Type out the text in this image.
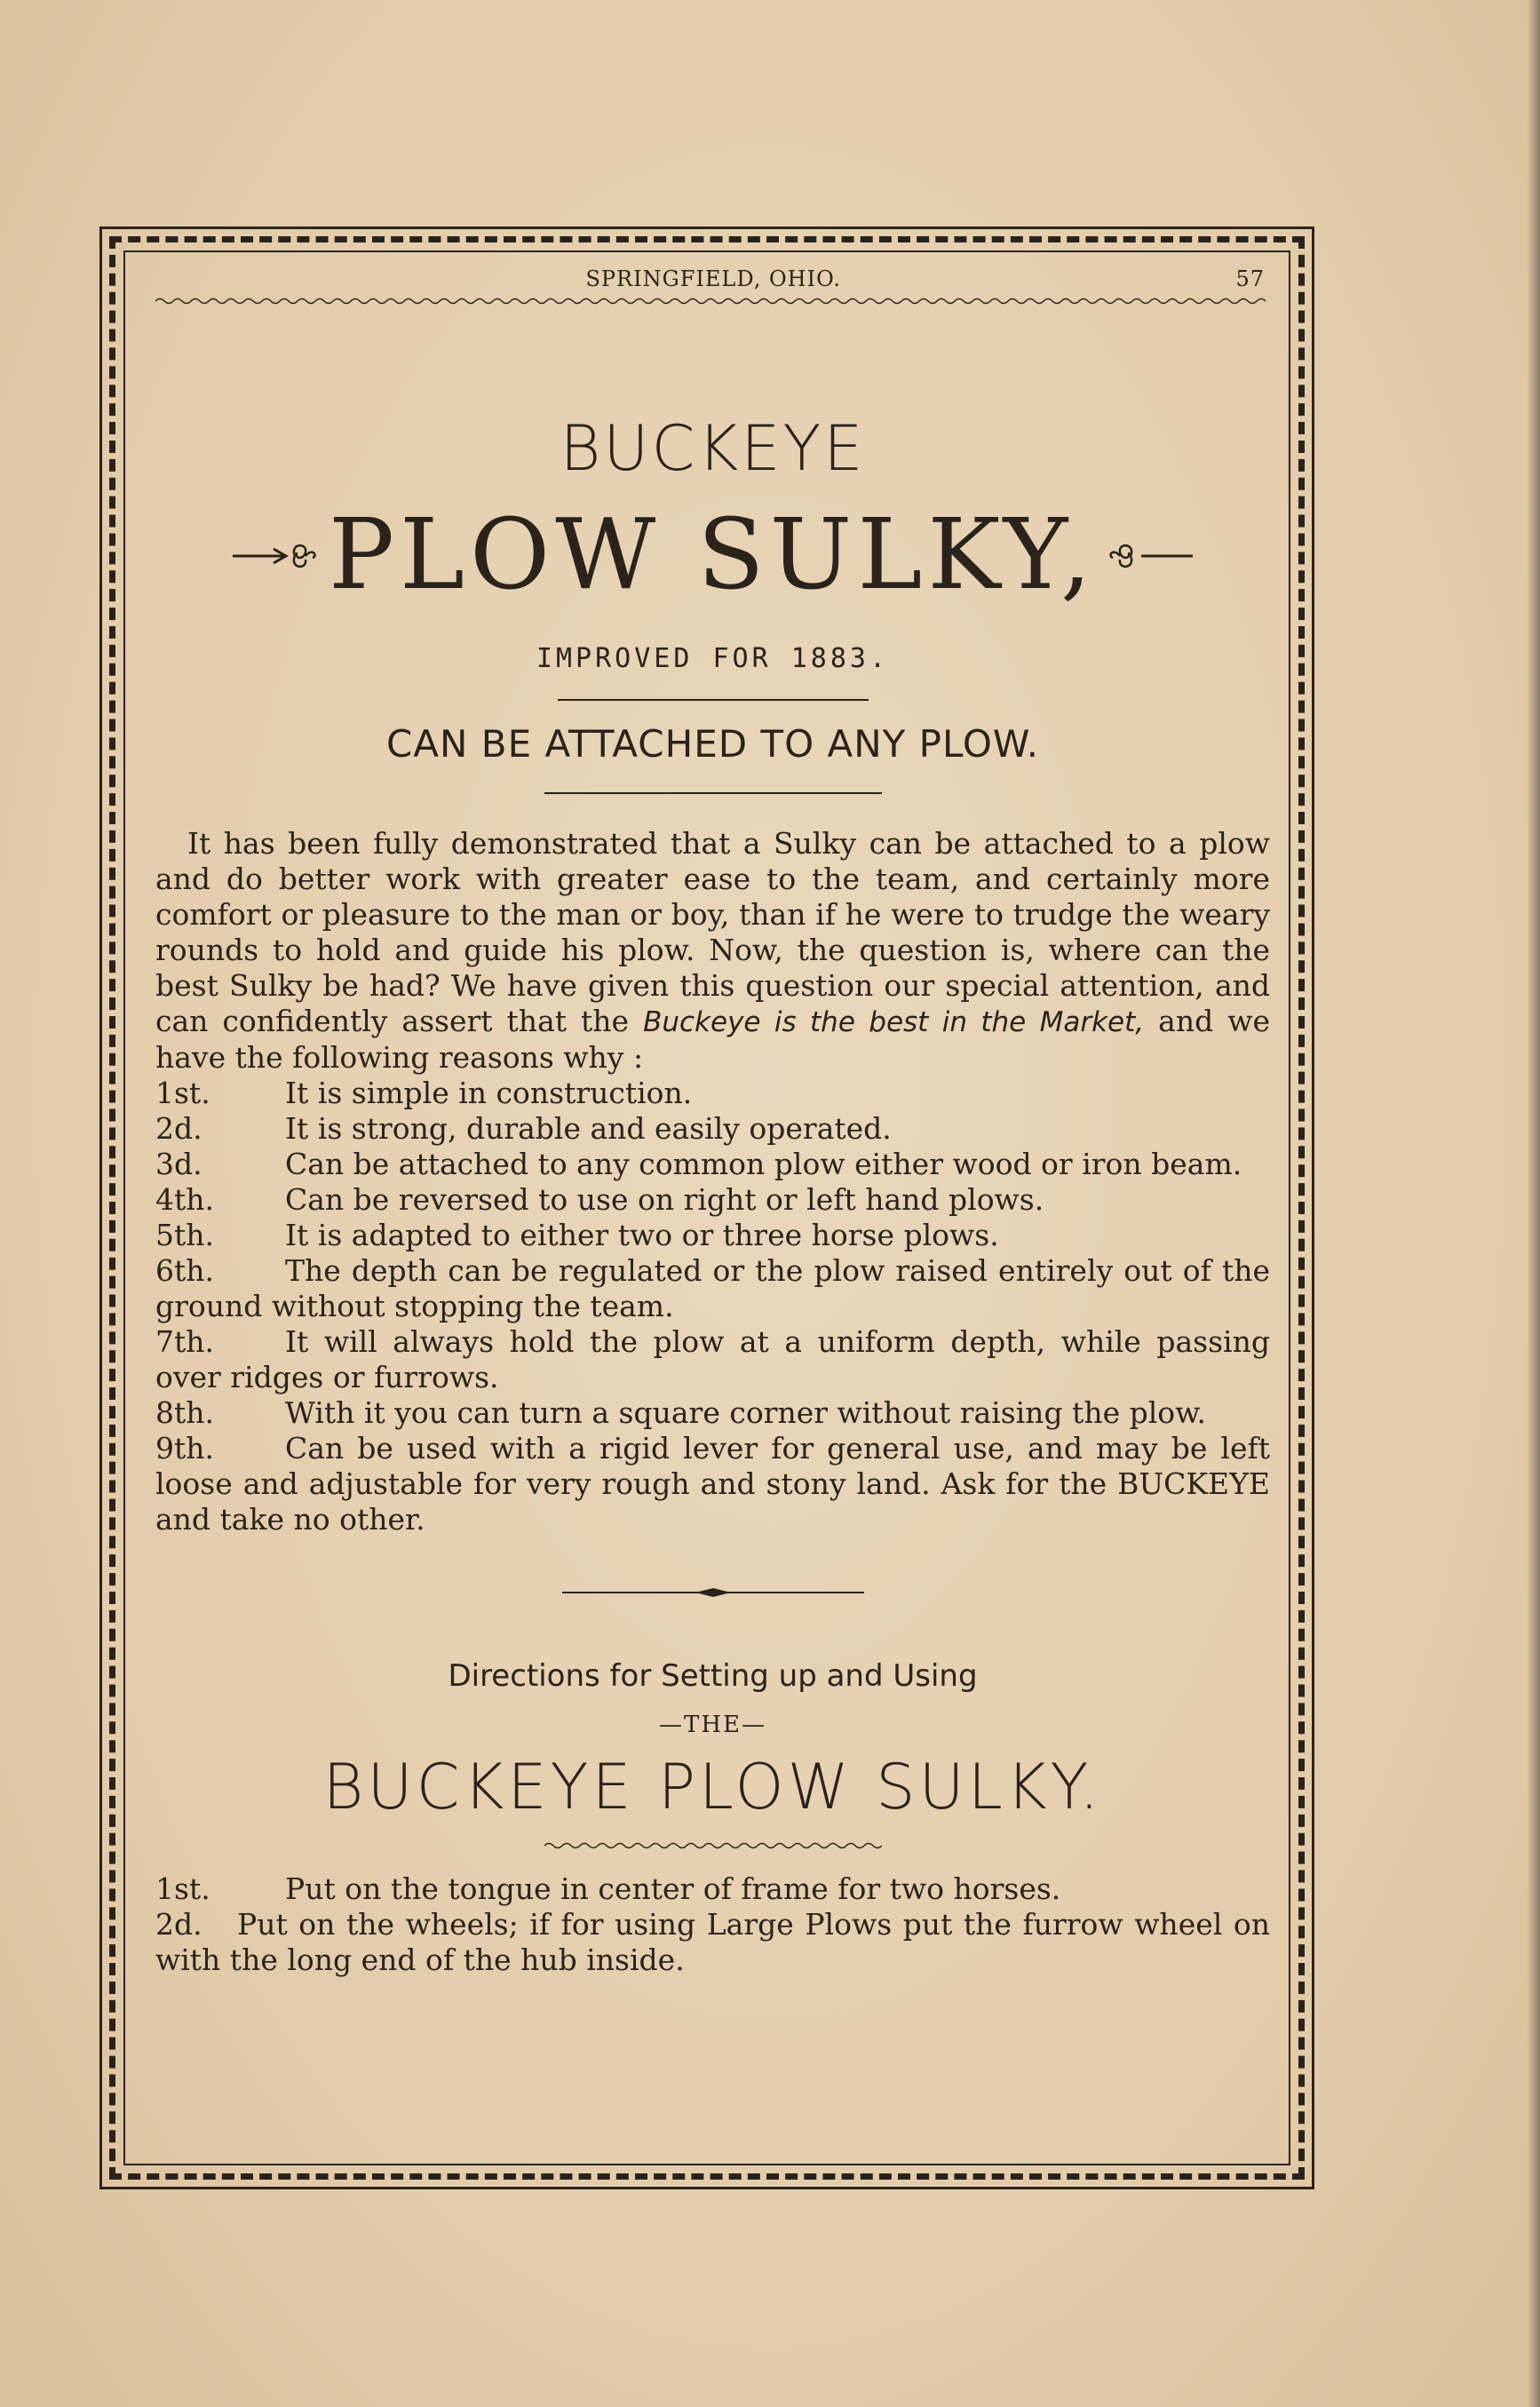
SPRINGFIELD, OHIO.	57
BUCKEYE
PLOW SULKY,
IMPROVED FOR 1883.
CAN BE ATTACHED TO ANY PLOW.

It has been fully demonstrated that a Sulky can be attached to a plow and do better work with greater ease to the team, and certainly more comfort or pleasure to the man or boy, than if he were to trudge the weary rounds to hold and guide his plow. Now, the question is, where can the best Sulky be had? We have given this question our special attention, and can confidently assert that the Buckeye is the best in the Market, and we have the following reasons why :

1st.	It is simple in construction.

2d.	It is strong, durable and easily operated.

3d.	Can be attached to any common plow either wood or iron beam.

4th. Can be reversed to use on right or left hand plows.

5th. It is adapted to either two or three horse plows.

6th. The depth can be regulated or the plow raised entirely out of the ground without stopping the team.

7th. It will always hold the plow at a uniform depth, while passing over ridges or furrows.

8th. With it you can turn a square corner without raising the plow.

9th. Can be used with a rigid lever for general use, and may be left loose and adjustable for very rough and stony land. Ask for the BUCKEYE and take no other.

Directions for Setting up and Using
—THE—
BUCKEYE PLOW SULKY.

1st.	Put on the tongue in center of frame for two horses.

2d. Put on the wheels; if for using Large Plows put the furrow wheel on with the long end of the hub inside.
